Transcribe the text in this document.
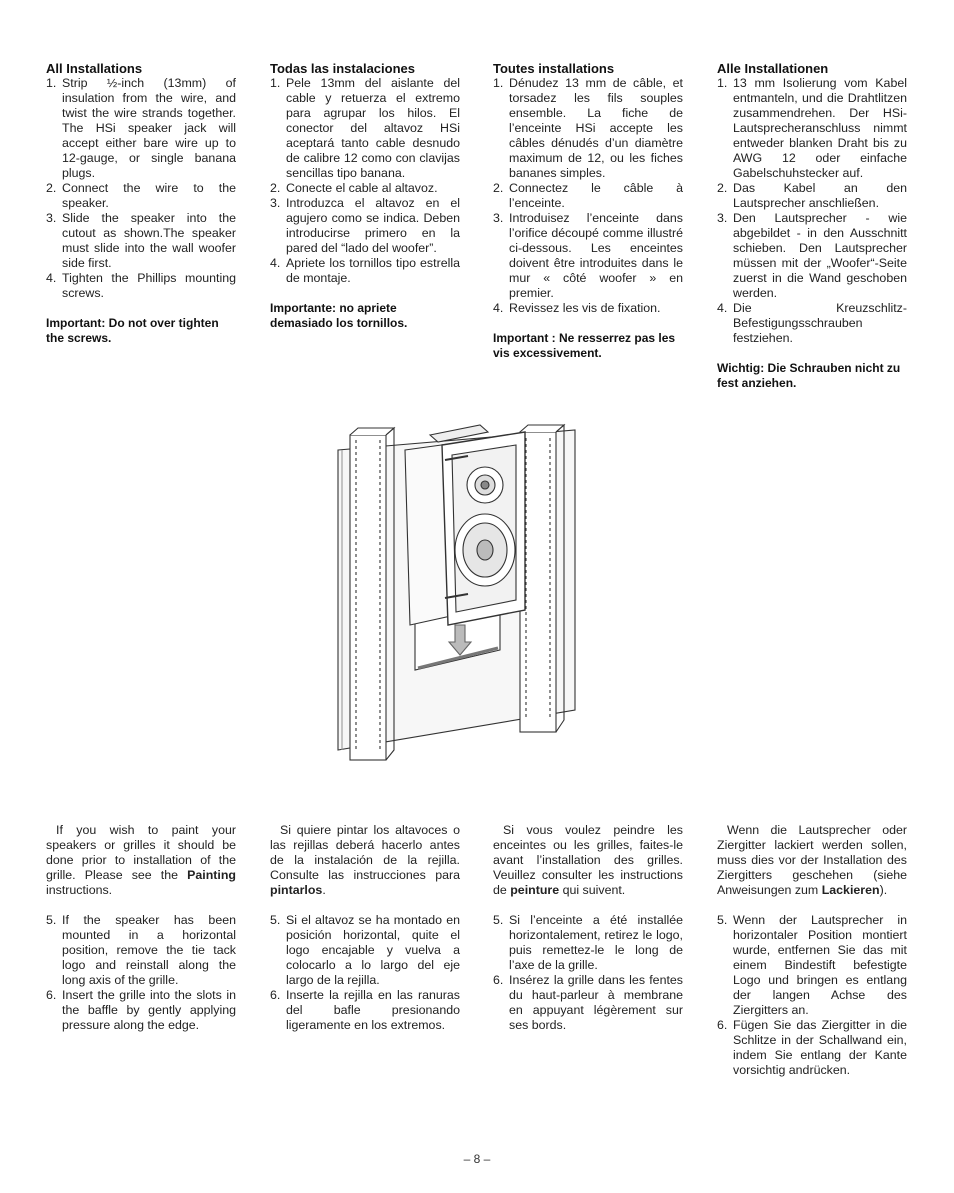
All Installations
1. Strip ½-inch (13mm) of insulation from the wire, and twist the wire strands together. The HSi speaker jack will accept either bare wire up to 12-gauge, or single banana plugs.
2. Connect the wire to the speaker.
3. Slide the speaker into the cutout as shown.The speaker must slide into the wall woofer side first.
4. Tighten the Phillips mounting screws.
Important: Do not over tighten the screws.
Todas las instalaciones
1. Pele 13mm del aislante del cable y retuerza el extremo para agrupar los hilos. El conector del altavoz HSi aceptará tanto cable desnudo de calibre 12 como con clavijas sencillas tipo banana.
2. Conecte el cable al altavoz.
3. Introduzca el altavoz en el agujero como se indica. Deben introducirse primero en la pared del “lado del woofer”.
4. Apriete los tornillos tipo estrella de montaje.
Importante: no apriete demasiado los tornillos.
Toutes installations
1. Dénudez 13 mm de câble, et torsadez les fils souples ensemble. La fiche de l’enceinte HSi accepte les câbles dénudés d’un diamètre maximum de 12, ou les fiches bananes simples.
2. Connectez le câble à l’enceinte.
3. Introduisez l’enceinte dans l’orifice découpé comme illustré ci-dessous. Les enceintes doivent être introduites dans le mur « côté woofer » en premier.
4. Revissez les vis de fixation.
Important : Ne resserrez pas les vis excessivement.
Alle Installationen
1. 13 mm Isolierung vom Kabel entmanteln, und die Drahtlitzen zusammendrehen. Der HSi-Lautsprecheranschluss nimmt entweder blanken Draht bis zu AWG 12 oder einfache Gabelschuhstecker auf.
2. Das Kabel an den Lautsprecher anschließen.
3. Den Lautsprecher - wie abgebildet - in den Ausschnitt schieben. Den Lautsprecher müssen mit der „Woofer“-Seite zuerst in die Wand geschoben werden.
4. Die Kreuzschlitz-Befestigungsschrauben festziehen.
Wichtig: Die Schrauben nicht zu fest anziehen.

If you wish to paint your speakers or grilles it should be done prior to installation of the grille. Please see the Painting instructions.

5. If the speaker has been mounted in a horizontal position, remove the tie tack logo and reinstall along the long axis of the grille.
6. Insert the grille into the slots in the baffle by gently applying pressure along the edge.

Si quiere pintar los altavoces o las rejillas deberá hacerlo antes de la instalación de la rejilla. Consulte las instrucciones para pintarlos.

5. Si el altavoz se ha montado en posición horizontal, quite el logo encajable y vuelva a colocarlo a lo largo del eje largo de la rejilla.
6. Inserte la rejilla en las ranuras del bafle presionando ligeramente en los extremos.

Si vous voulez peindre les enceintes ou les grilles, faites-le avant l’installation des grilles. Veuillez consulter les instructions de peinture qui suivent.

5. Si l’enceinte a été installée horizontalement, retirez le logo, puis remettez-le le long de l’axe de la grille.
6. Insérez la grille dans les fentes du haut-parleur à membrane en appuyant légèrement sur ses bords.

Wenn die Lautsprecher oder Ziergitter lackiert werden sollen, muss dies vor der Installation des Ziergitters geschehen (siehe Anweisungen zum Lackieren).

5. Wenn der Lautsprecher in horizontaler Position montiert wurde, entfernen Sie das mit einem Bindestift befestigte Logo und bringen es entlang der langen Achse des Ziergitters an.
6. Fügen Sie das Ziergitter in die Schlitze in der Schallwand ein, indem Sie entlang der Kante vorsichtig andrücken.
– 8 –
